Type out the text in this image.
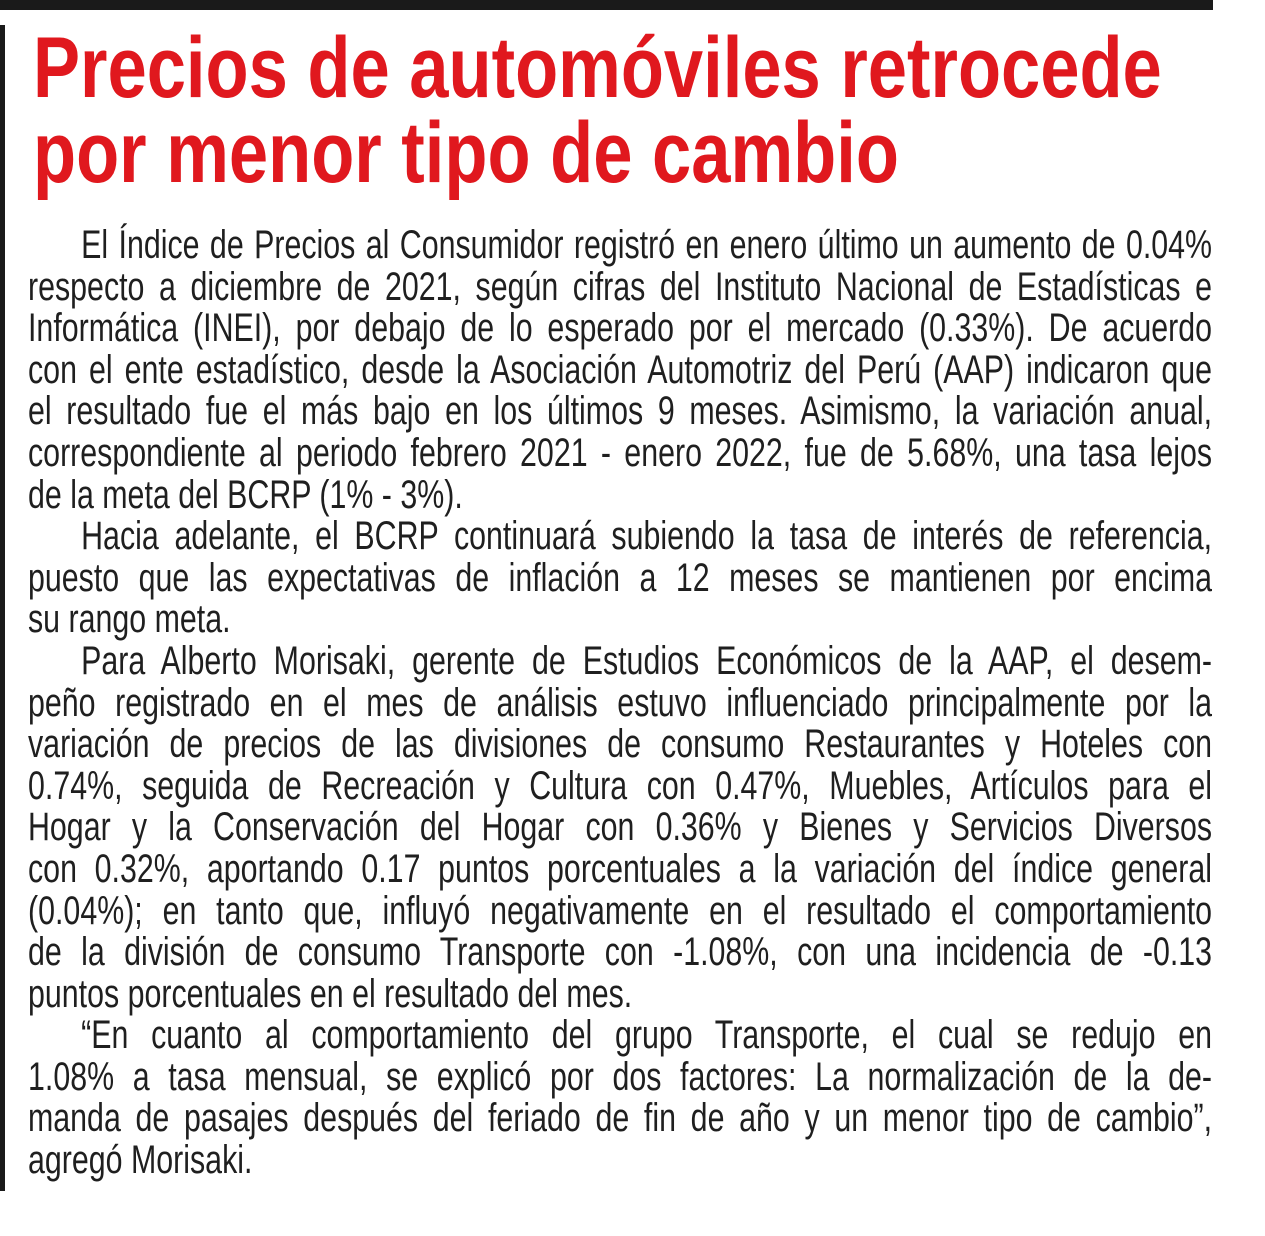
Precios de automóviles retrocede
por menor tipo de cambio

El Índice de Precios al Consumidor registró en enero último un aumento de 0.04%
respecto a diciembre de 2021, según cifras del Instituto Nacional de Estadísticas e
Informática (INEI), por debajo de lo esperado por el mercado (0.33%). De acuerdo
con el ente estadístico, desde la Asociación Automotriz del Perú (AAP) indicaron que
el resultado fue el más bajo en los últimos 9 meses. Asimismo, la variación anual,
correspondiente al periodo febrero 2021 - enero 2022, fue de 5.68%, una tasa lejos
de la meta del BCRP (1% - 3%).

Hacia adelante, el BCRP continuará subiendo la tasa de interés de referencia,
puesto que las expectativas de inflación a 12 meses se mantienen por encima
su rango meta.

Para Alberto Morisaki, gerente de Estudios Económicos de la AAP, el desem-
peño registrado en el mes de análisis estuvo influenciado principalmente por la
variación de precios de las divisiones de consumo Restaurantes y Hoteles con
0.74%, seguida de Recreación y Cultura con 0.47%, Muebles, Artículos para el
Hogar y la Conservación del Hogar con 0.36% y Bienes y Servicios Diversos
con 0.32%, aportando 0.17 puntos porcentuales a la variación del índice general
(0.04%); en tanto que, influyó negativamente en el resultado el comportamiento
de la división de consumo Transporte con -1.08%, con una incidencia de -0.13
puntos porcentuales en el resultado del mes.

“En cuanto al comportamiento del grupo Transporte, el cual se redujo en
1.08% a tasa mensual, se explicó por dos factores: La normalización de la de-
manda de pasajes después del feriado de fin de año y un menor tipo de cambio”,
agregó Morisaki.
